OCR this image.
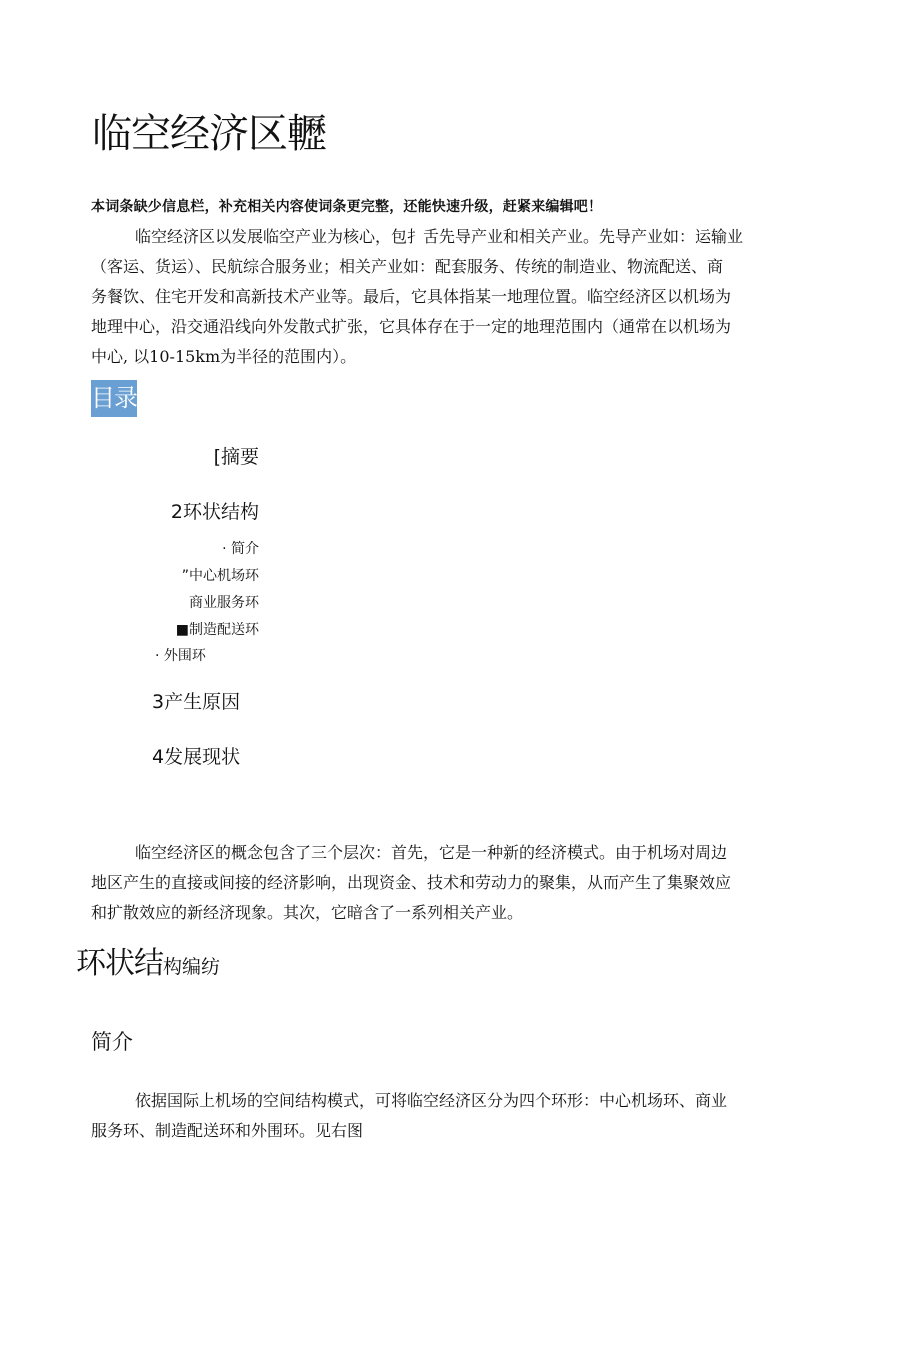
临空经济区轣
本词条缺少信息栏，补充相关内容使词条更完整，还能快速升级，赶紧来编辑吧！
临空经济区以发展临空产业为核心，包扌舌先导产业和相关产业。先导产业如：运输业
（客运、货运）、民航综合服务业；相关产业如：配套服务、传统的制造业、物流配送、商
务餐饮、住宅开发和高新技术产业等。最后，它具体指某一地理位置。临空经济区以机场为
地理中心，沿交通沿线向外发散式扩张，它具体存在于一定的地理范围内（通常在以机场为
中心, 以10-15km为半径的范围内）。
目录
[摘要
2环状结构
· 简介
”中心机场环
商业服务环
■制造配送环
· 外围环
3产生原因
4发展现状
临空经济区的概念包含了三个层次：首先，它是一种新的经济模式。由于机场对周边
地区产生的直接或间接的经济影响，出现资金、技术和劳动力的聚集，从而产生了集聚效应
和扩散效应的新经济现象。其次，它暗含了一系列相关产业。
环状结构编纺
简介
依据国际上机场的空间结构模式，可将临空经济区分为四个环形：中心机场环、商业
服务环、制造配送环和外围环。见右图
